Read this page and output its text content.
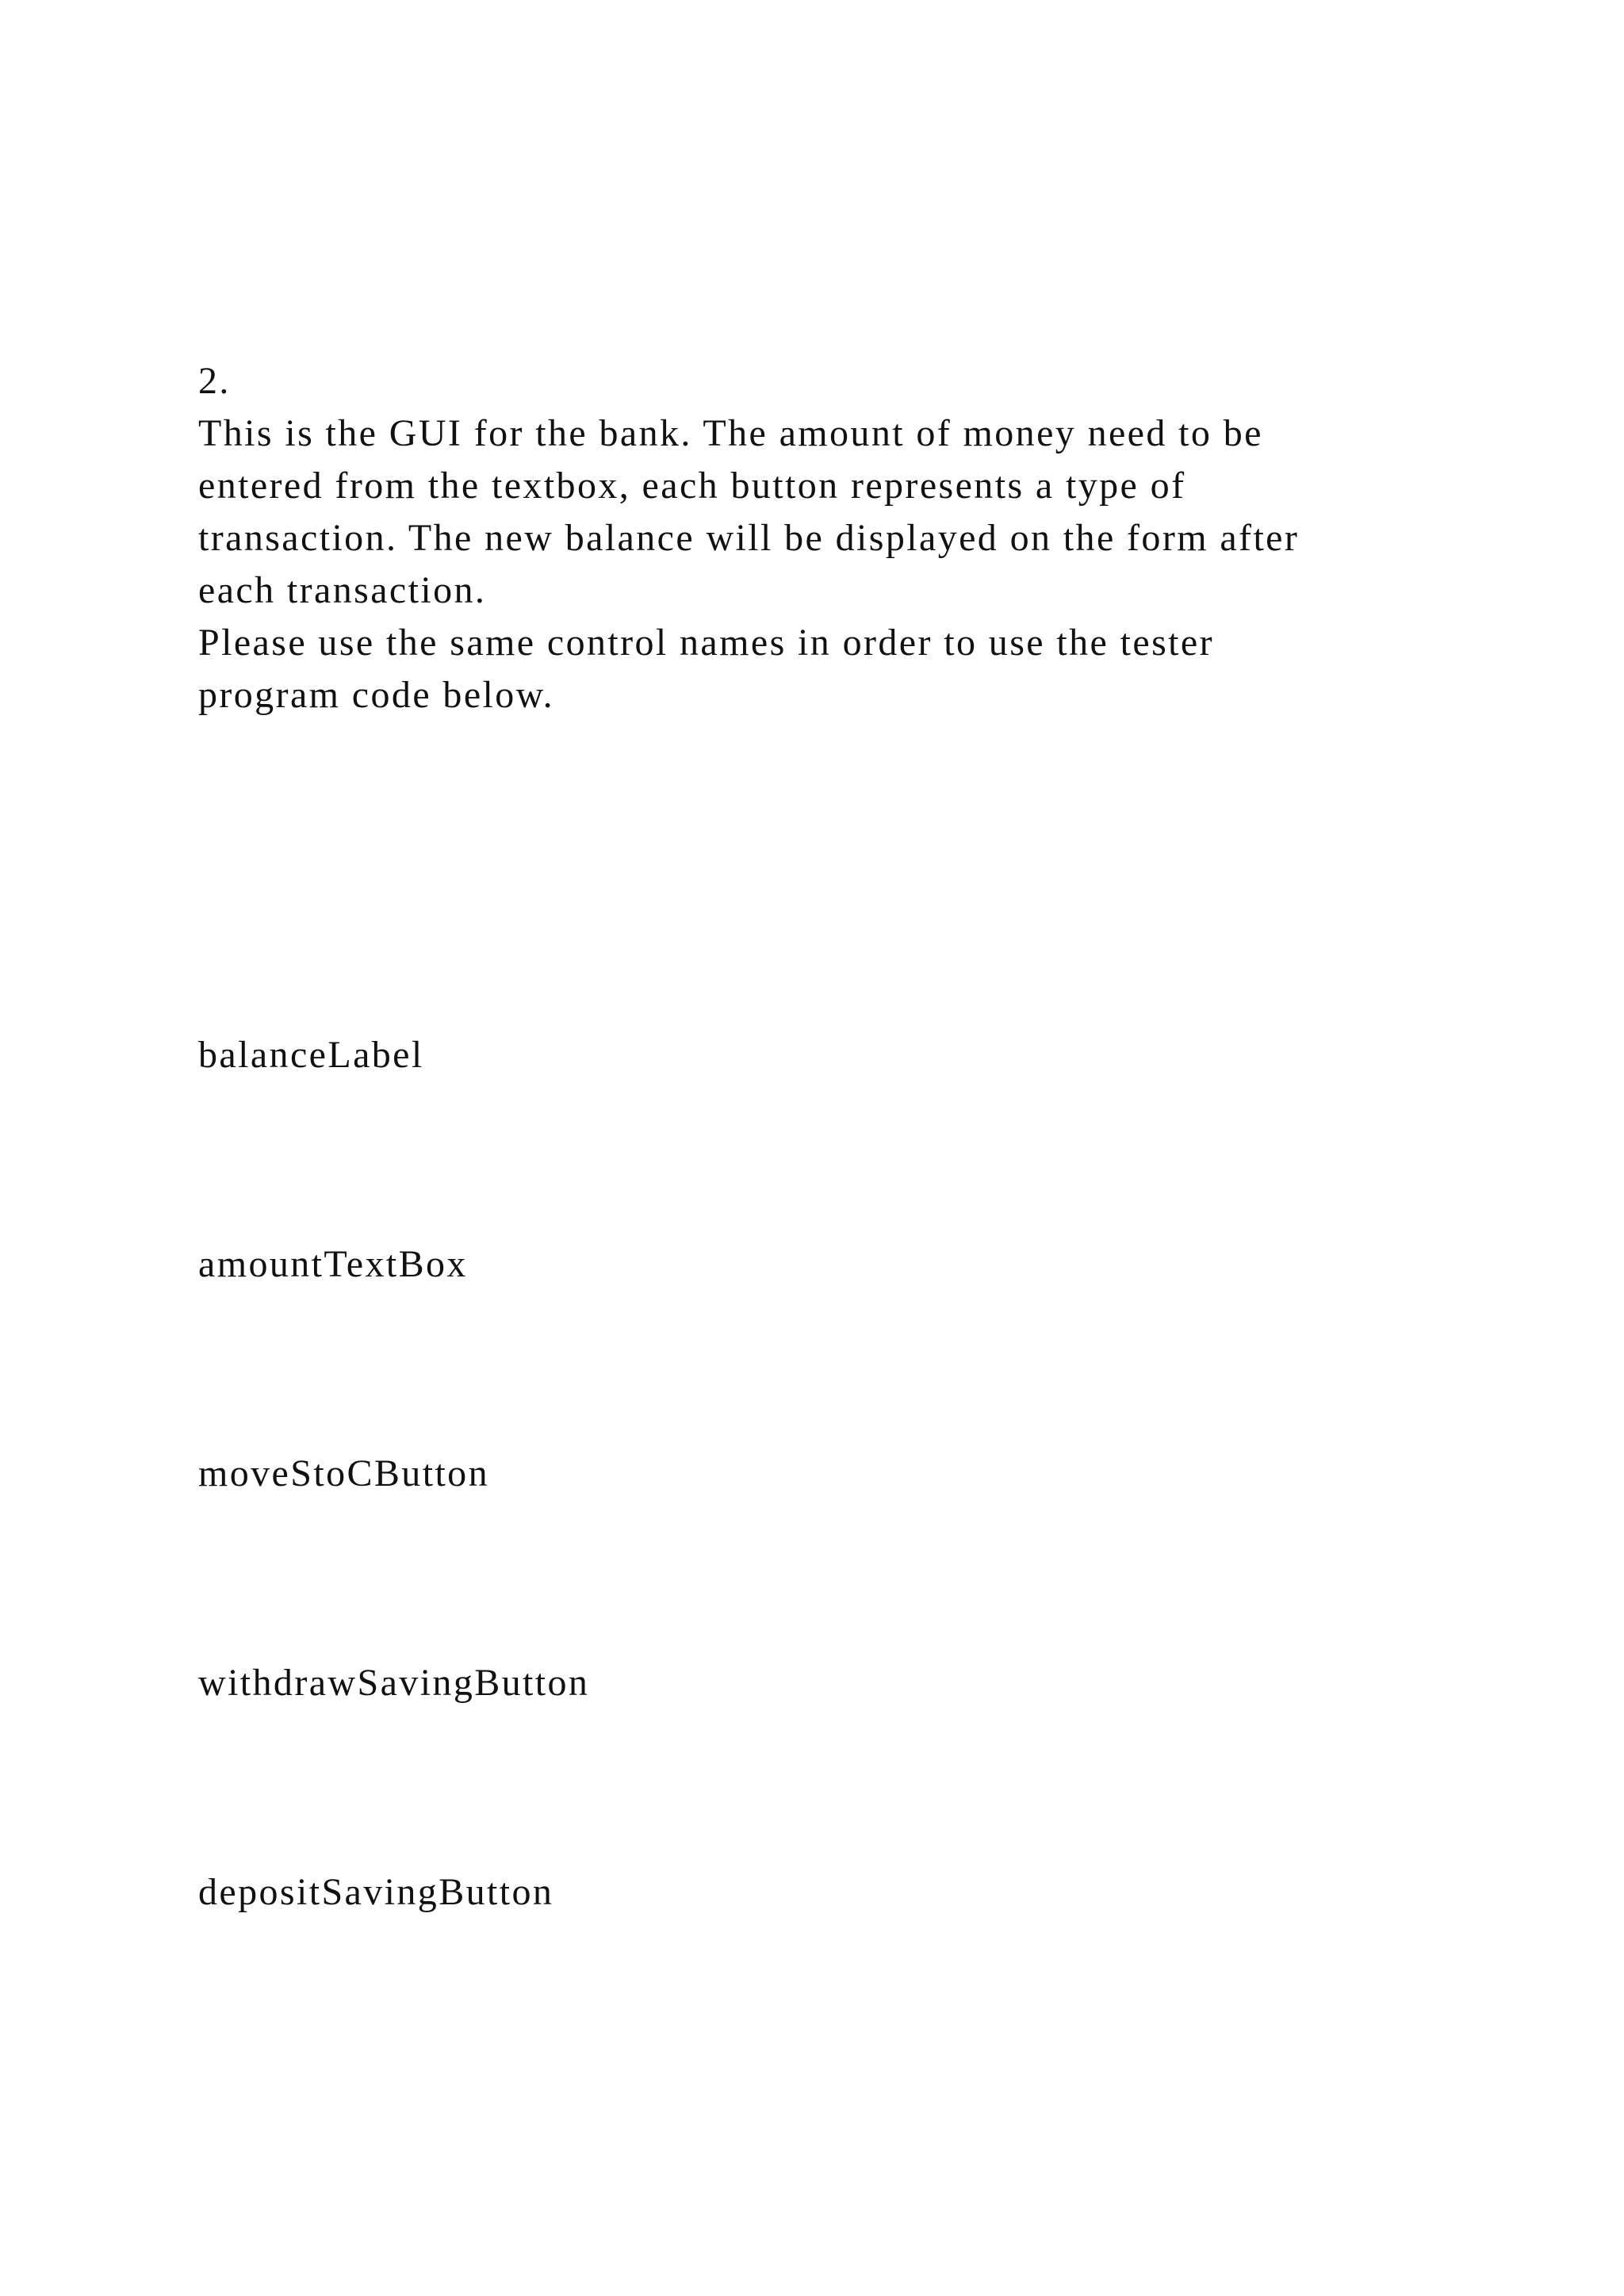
2.

This is the GUI for the bank. The amount of money need to be

entered from the textbox, each button represents a type of

transaction. The new balance will be displayed on the form after

each transaction.

Please use the same control names in order to use the tester

program code below.

balanceLabel

amountTextBox

moveStoCButton

withdrawSavingButton

depositSavingButton
